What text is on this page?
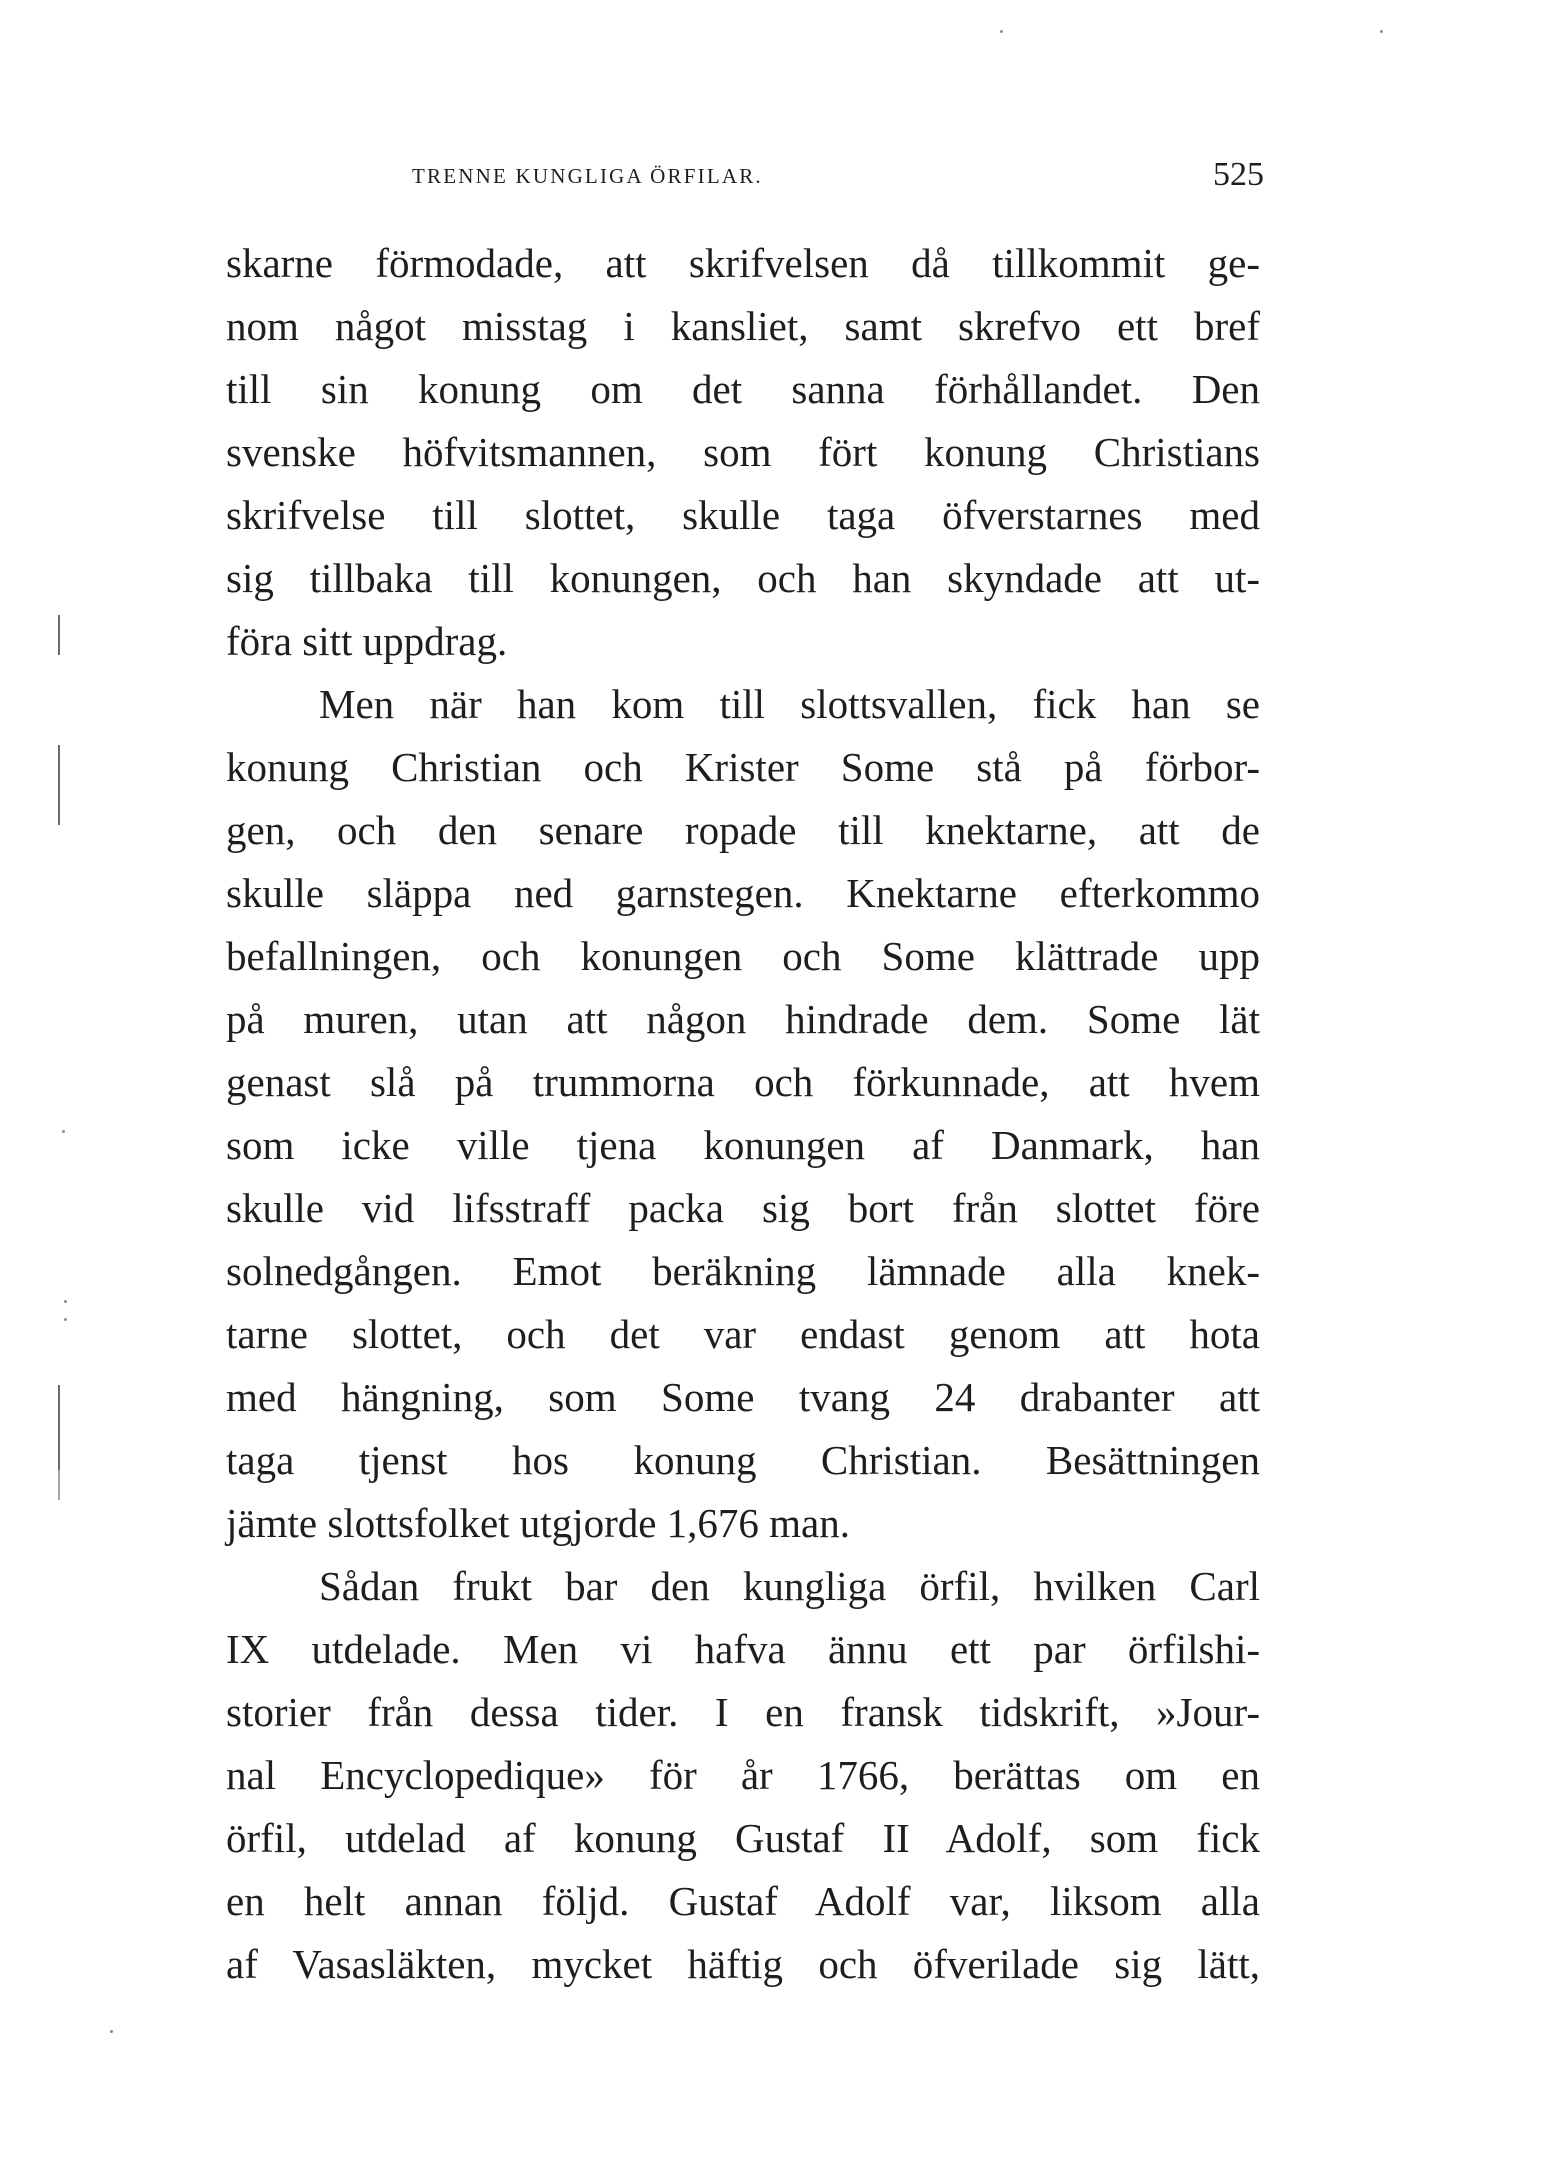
TRENNE KUNGLIGA ÖRFILAR.	525
skarne förmodade, att skrifvelsen då tillkommit ge-
nom något misstag i kansliet, samt skrefvo ett bref
till sin konung om det sanna förhållandet. Den
svenske höfvitsmannen, som fört konung Christians
skrifvelse till slottet, skulle taga öfverstarnes med
sig tillbaka till konungen, och han skyndade att ut-
föra sitt uppdrag.
Men när han kom till slottsvallen, fick han se
konung Christian och Krister Some stå på förbor-
gen, och den senare ropade till knektarne, att de
skulle släppa ned garnstegen. Knektarne efterkommo
befallningen, och konungen och Some klättrade upp
på muren, utan att någon hindrade dem. Some lät
genast slå på trummorna och förkunnade, att hvem
som icke ville tjena konungen af Danmark, han
skulle vid lifsstraff packa sig bort från slottet före
solnedgången. Emot beräkning lämnade alla knek-
tarne slottet, och det var endast genom att hota
med hängning, som Some tvang 24 drabanter att
taga tjenst hos konung Christian. Besättningen
jämte slottsfolket utgjorde 1,676 man.
Sådan frukt bar den kungliga örfil, hvilken Carl
IX utdelade. Men vi hafva ännu ett par örfilshi-
storier från dessa tider. I en fransk tidskrift, »Jour-
nal Encyclopedique» för år 1766, berättas om en
örfil, utdelad af konung Gustaf II Adolf, som fick
en helt annan följd. Gustaf Adolf var, liksom alla
af Vasasläkten, mycket häftig och öfverilade sig lätt,
